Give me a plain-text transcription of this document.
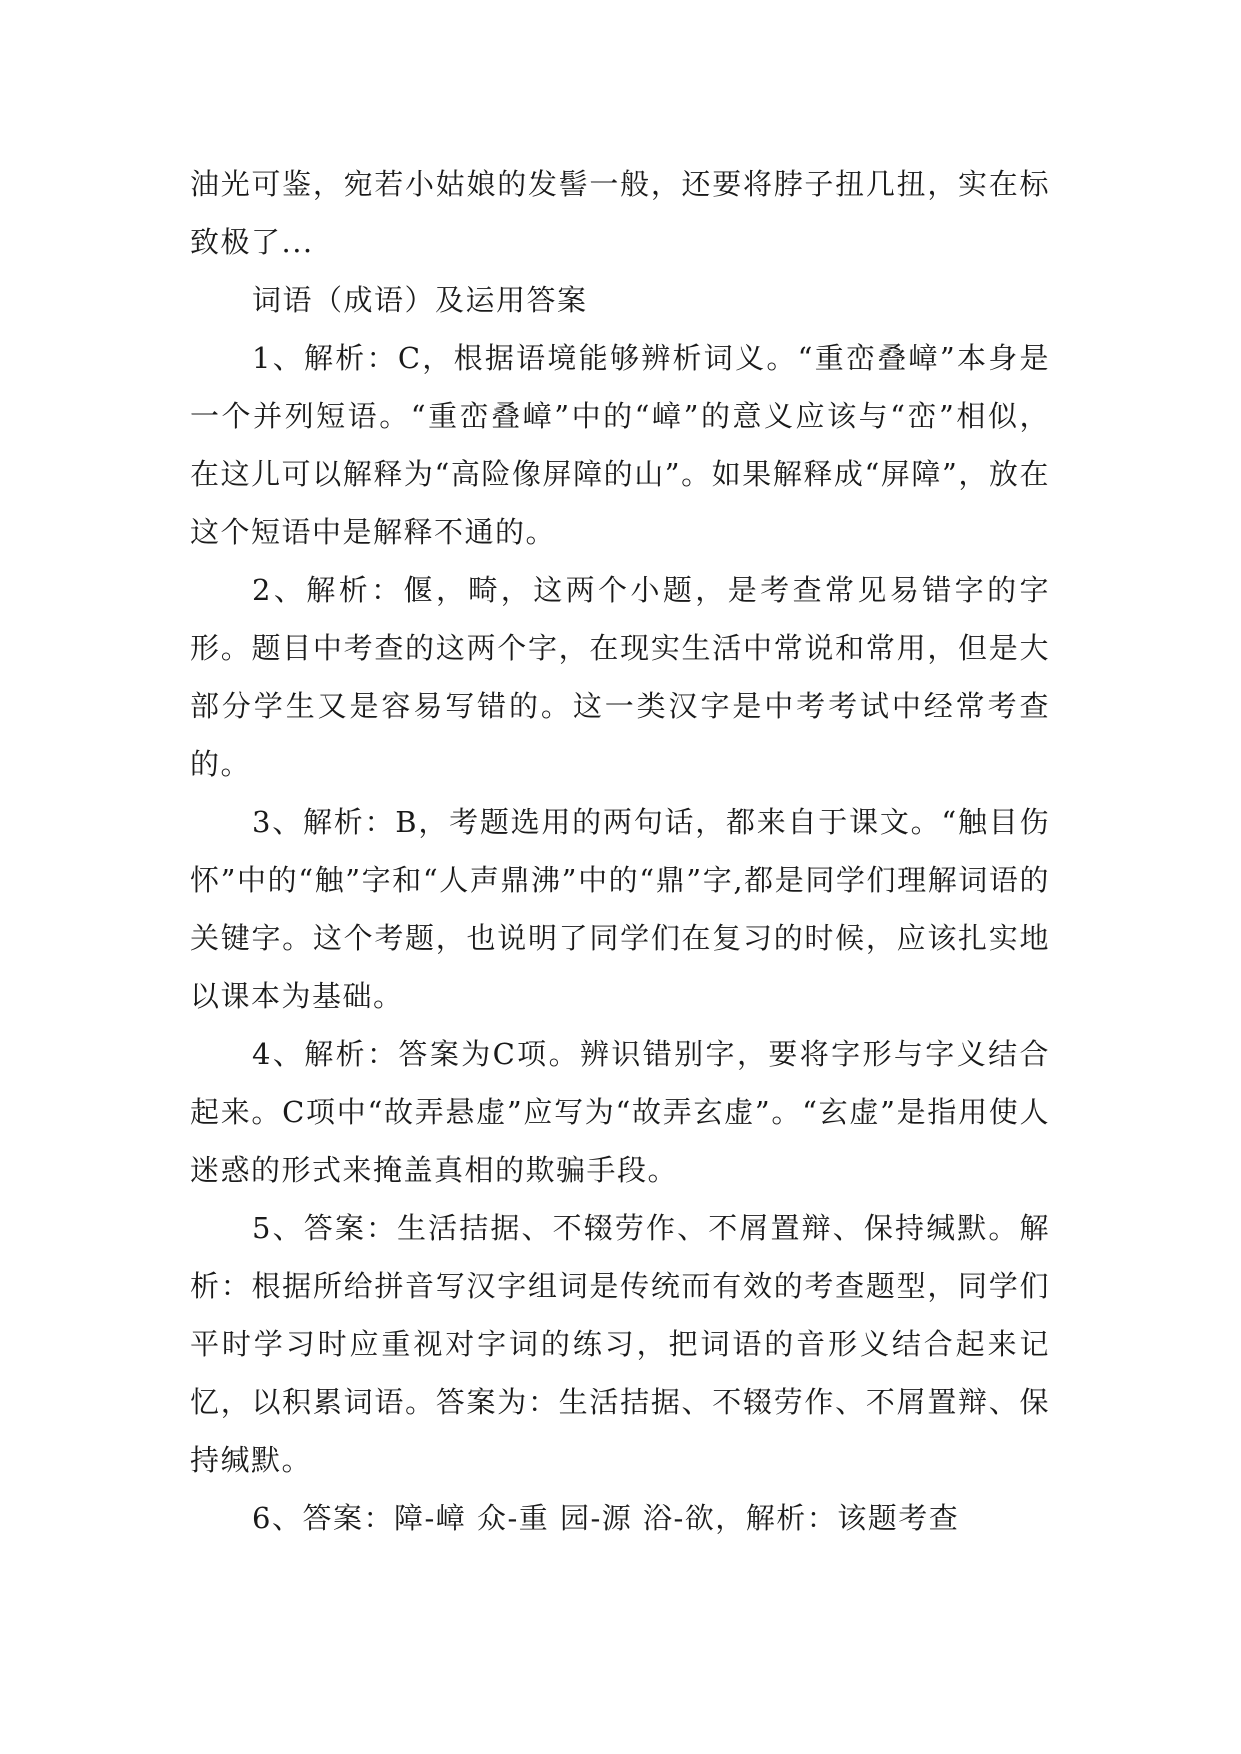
油光可鉴，宛若小姑娘的发髻一般，还要将脖子扭几扭，实在标致极了...

词语（成语）及运用答案

1、解析：C，根据语境能够辨析词义。“重峦叠嶂”本身是一个并列短语。“重峦叠嶂”中的“嶂”的意义应该与“峦”相似，在这儿可以解释为“高险像屏障的山”。如果解释成“屏障”，放在这个短语中是解释不通的。

2、解析：偃，畸，这两个小题，是考查常见易错字的字形。题目中考查的这两个字，在现实生活中常说和常用，但是大部分学生又是容易写错的。这一类汉字是中考考试中经常考查的。

3、解析：B，考题选用的两句话，都来自于课文。“触目伤怀”中的“触”字和“人声鼎沸”中的“鼎”字,都是同学们理解词语的关键字。这个考题，也说明了同学们在复习的时候，应该扎实地以课本为基础。

4、解析：答案为C项。辨识错别字，要将字形与字义结合起来。C项中“故弄悬虚”应写为“故弄玄虚”。“玄虚”是指用使人迷惑的形式来掩盖真相的欺骗手段。

5、答案：生活拮据、不辍劳作、不屑置辩、保持缄默。解析：根据所给拼音写汉字组词是传统而有效的考查题型，同学们平时学习时应重视对字词的练习，把词语的音形义结合起来记忆，以积累词语。答案为：生活拮据、不辍劳作、不屑置辩、保持缄默。

6、答案：障-嶂 众-重 园-源 浴-欲，解析：该题考查
